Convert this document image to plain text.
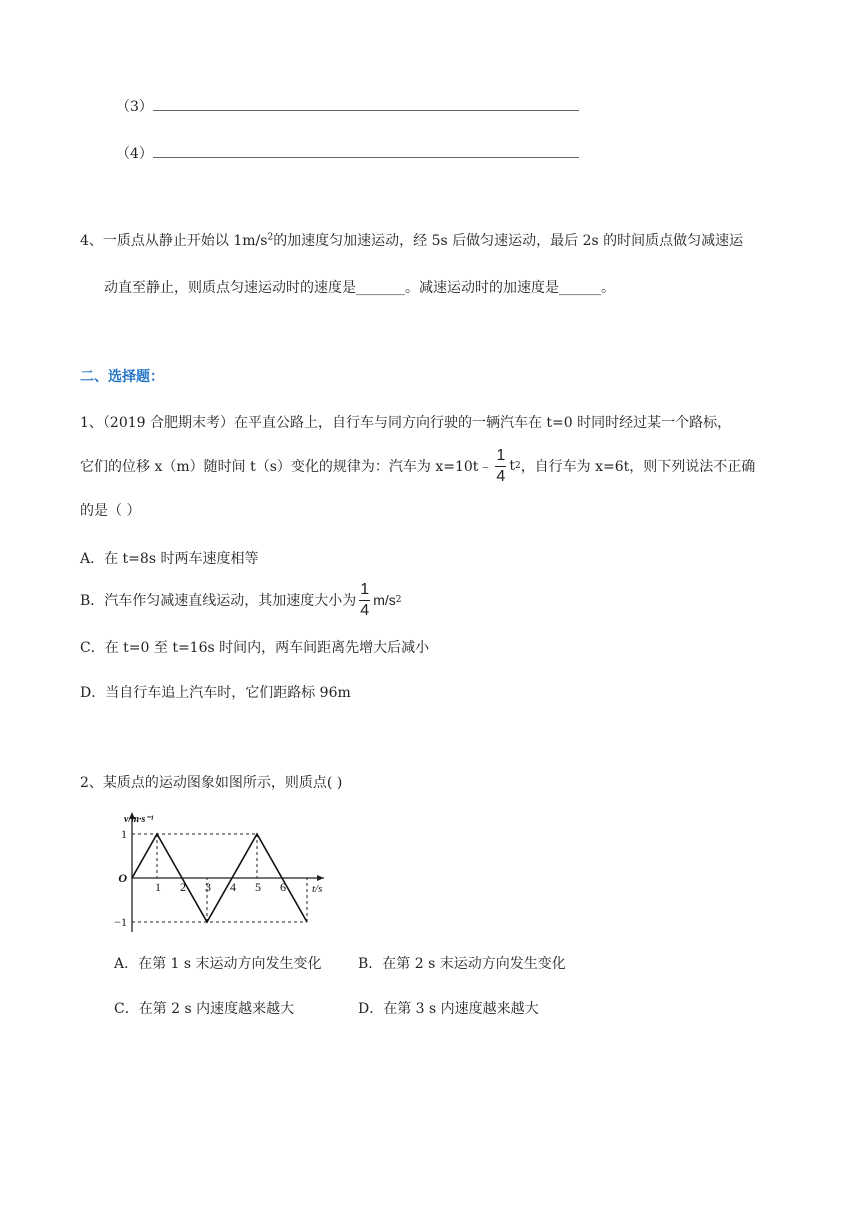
（3）
（4）
4、一质点从静止开始以 $1m/s^2$的加速度匀加速运动，经 5s 后做匀速运动，最后 2s 的时间质点做匀减速运
动直至静止，则质点匀速运动时的速度是_______。减速运动时的加速度是______。
二、选择题：
1、（2019 合肥期末考）在平直公路上，自行车与同方向行驶的一辆汽车在 t=0 时同时经过某一个路标，
它们的位移 x（m）随时间 t（s）变化的规律为：汽车为 x=10t﹣ $\frac{1}{4}$ t 2 ，自行车为 x=6t，则下列说法不正确
的是（ ）
A．在 t=8s 时两车速度相等
B．汽车作匀减速直线运动，其加速度大小为 $\frac{1}{4} m/s$ 2
C．在 t=0 至 t=16s 时间内，两车间距离先增大后减小
D．当自行车追上汽车时，它们距路标 96m
2、某质点的运动图象如图所示，则质点( )
1 2 3 4 5 6
1
−1
O
t/s
v/m·s⁻¹
A．在第 1 s 末运动方向发生变化	B．在第 2 s 末运动方向发生变化
C．在第 2 s 内速度越来越大	D．在第 3 s 内速度越来越大
